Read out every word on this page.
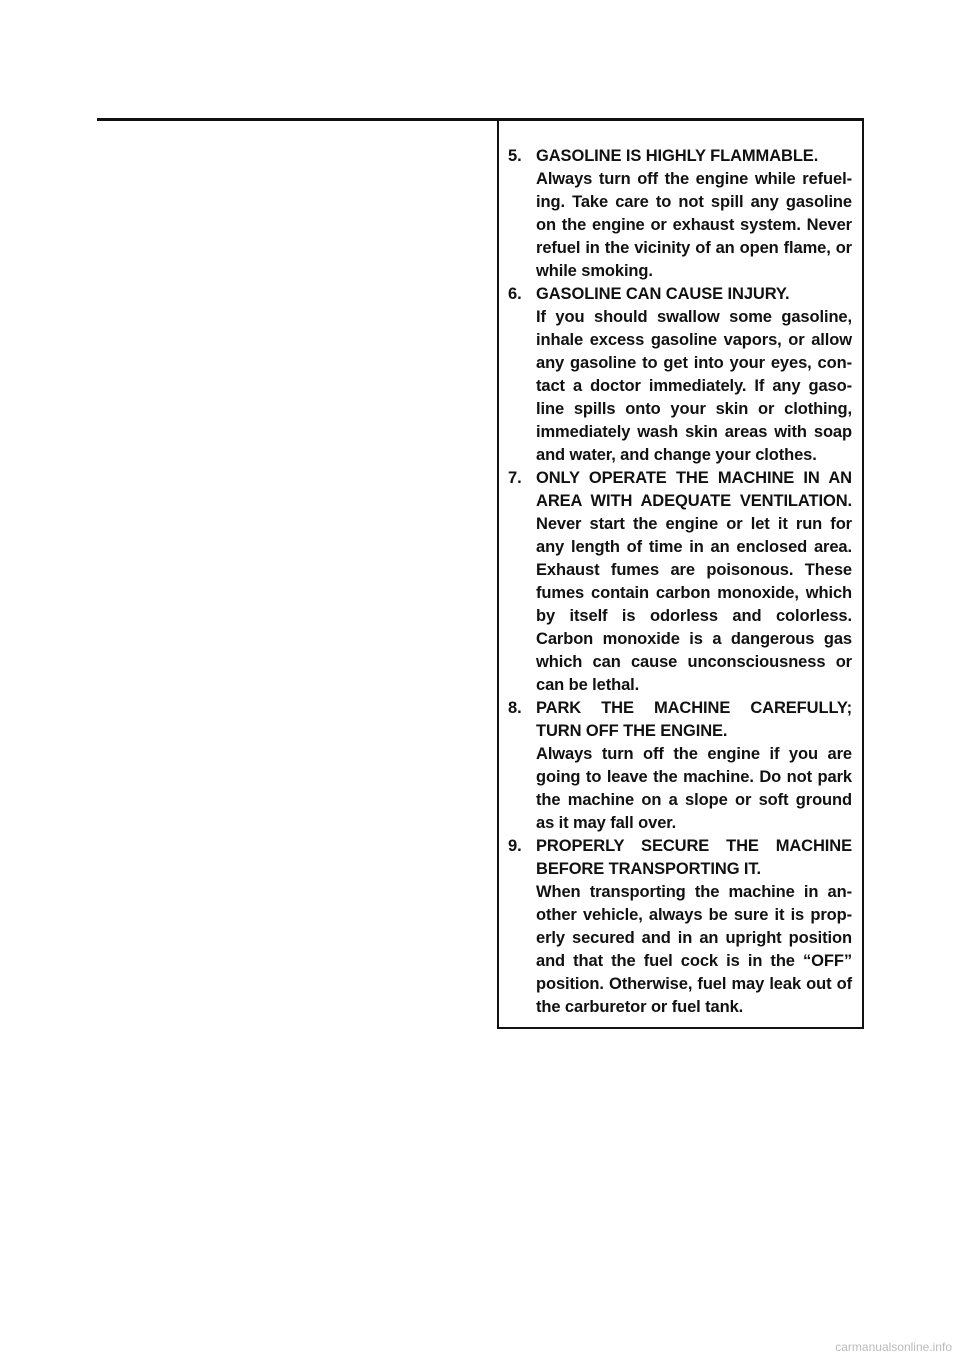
5. GASOLINE IS HIGHLY FLAMMABLE.
Always turn off the engine while refuel-ing. Take care to not spill any gasoline on the engine or exhaust system. Never refuel in the vicinity of an open flame, or while smoking.
6. GASOLINE CAN CAUSE INJURY.
If you should swallow some gasoline, inhale excess gasoline vapors, or allow any gasoline to get into your eyes, con-tact a doctor immediately. If any gaso-line spills onto your skin or clothing, immediately wash skin areas with soap and water, and change your clothes.
7. ONLY OPERATE THE MACHINE IN AN AREA WITH ADEQUATE VENTILATION.
Never start the engine or let it run for any length of time in an enclosed area. Exhaust fumes are poisonous. These fumes contain carbon monoxide, which by itself is odorless and colorless. Carbon monoxide is a dangerous gas which can cause unconsciousness or can be lethal.
8. PARK THE MACHINE CAREFULLY; TURN OFF THE ENGINE.
Always turn off the engine if you are going to leave the machine. Do not park the machine on a slope or soft ground as it may fall over.
9. PROPERLY SECURE THE MACHINE BEFORE TRANSPORTING IT.
When transporting the machine in an-other vehicle, always be sure it is prop-erly secured and in an upright position and that the fuel cock is in the “OFF” position. Otherwise, fuel may leak out of the carburetor or fuel tank.
carmanualsonline.info
